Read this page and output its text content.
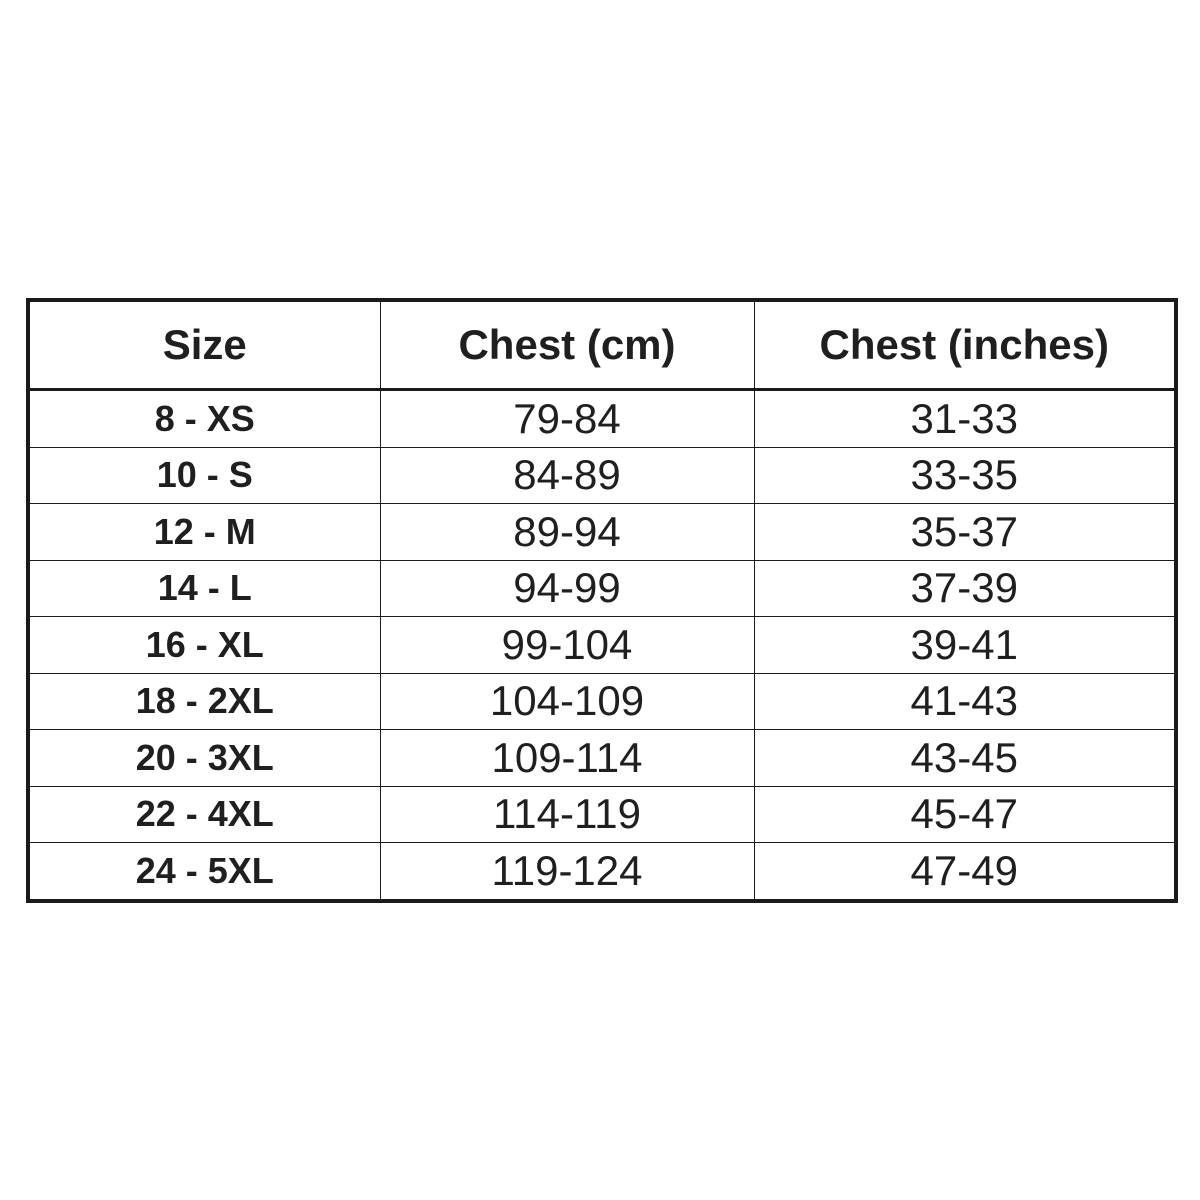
Size	Chest (cm)	Chest (inches)
8 - XS	79-84	31-33
10 - S	84-89	33-35
12 - M	89-94	35-37
14 - L	94-99	37-39
16 - XL	99-104	39-41
18 - 2XL	104-109	41-43
20 - 3XL	109-114	43-45
22 - 4XL	114-119	45-47
24 - 5XL	119-124	47-49
